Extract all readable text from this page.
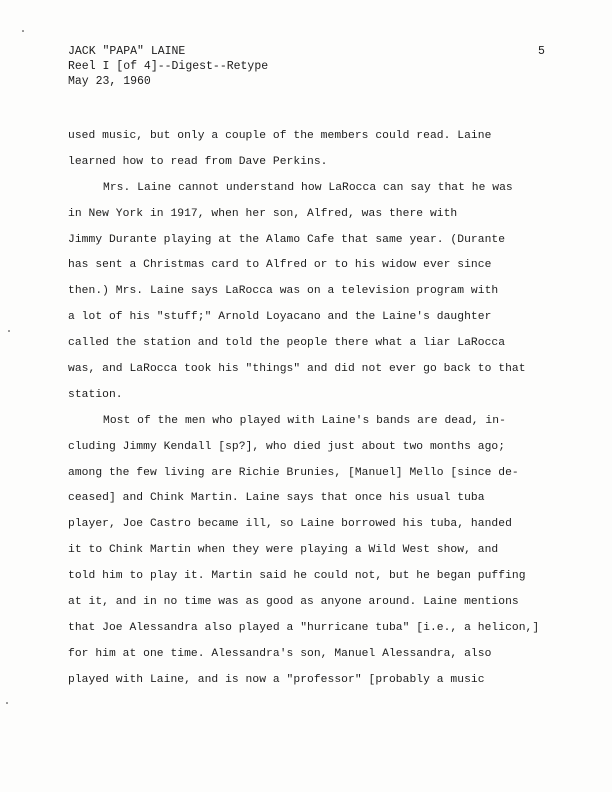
JACK "PAPA" LAINE
Reel I [of 4]--Digest--Retype
May 23, 1960
5
used music, but only a couple of the members could read. Laine
learned how to read from Dave Perkins.
Mrs. Laine cannot understand how LaRocca can say that he was
in New York in 1917, when her son, Alfred, was there with
Jimmy Durante playing at the Alamo Cafe that same year. (Durante
has sent a Christmas card to Alfred or to his widow ever since
then.) Mrs. Laine says LaRocca was on a television program with
a lot of his "stuff;" Arnold Loyacano and the Laine's daughter
called the station and told the people there what a liar LaRocca
was, and LaRocca took his "things" and did not ever go back to that
station.
Most of the men who played with Laine's bands are dead, in-
cluding Jimmy Kendall [sp?], who died just about two months ago;
among the few living are Richie Brunies, [Manuel] Mello [since de-
ceased] and Chink Martin. Laine says that once his usual tuba
player, Joe Castro became ill, so Laine borrowed his tuba, handed
it to Chink Martin when they were playing a Wild West show, and
told him to play it. Martin said he could not, but he began puffing
at it, and in no time was as good as anyone around. Laine mentions
that Joe Alessandra also played a "hurricane tuba" [i.e., a helicon,]
for him at one time. Alessandra's son, Manuel Alessandra, also
played with Laine, and is now a "professor" [probably a music
